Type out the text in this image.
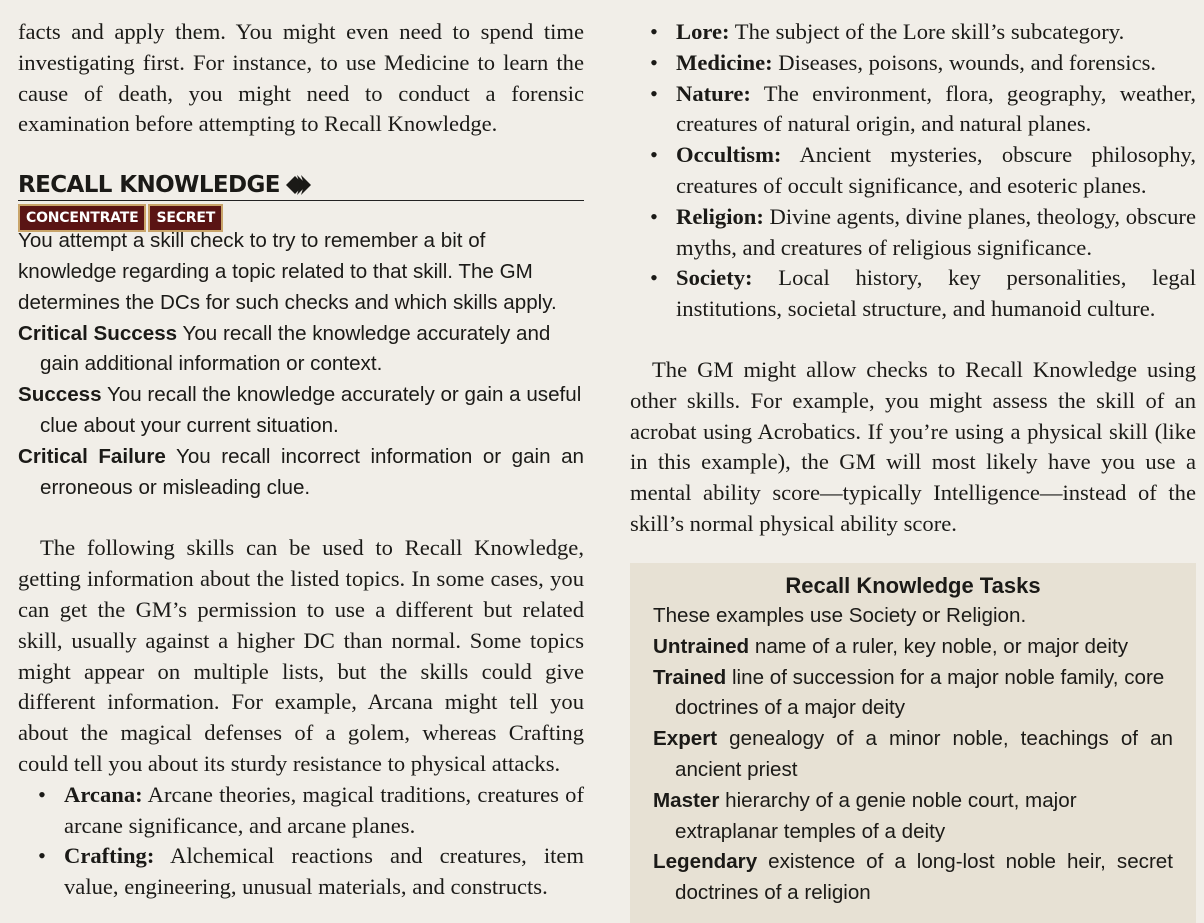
facts and apply them. You might even need to spend time investigating first. For instance, to use Medicine to learn the cause of death, you might need to conduct a forensic examination before attempting to Recall Knowledge.

RECALL KNOWLEDGE
CONCENTRATE	SECRET

You attempt a skill check to try to remember a bit of knowledge regarding a topic related to that skill. The GM determines the DCs for such checks and which skills apply.

Critical Success You recall the knowledge accurately and gain additional information or context.

Success You recall the knowledge accurately or gain a useful clue about your current situation.

Critical Failure You recall incorrect information or gain an erroneous or misleading clue.

The following skills can be used to Recall Knowledge, getting information about the listed topics. In some cases, you can get the GM’s permission to use a different but related skill, usually against a higher DC than normal. Some topics might appear on multiple lists, but the skills could give different information. For example, Arcana might tell you about the magical defenses of a golem, whereas Crafting could tell you about its sturdy resistance to physical attacks.

• Arcana: Arcane theories, magical traditions, creatures of arcane significance, and arcane planes.
• Crafting: Alchemical reactions and creatures, item value, engineering, unusual materials, and constructs.
• Lore: The subject of the Lore skill’s subcategory.
• Medicine: Diseases, poisons, wounds, and forensics.
• Nature: The environment, flora, geography, weather, creatures of natural origin, and natural planes.
• Occultism: Ancient mysteries, obscure philosophy, creatures of occult significance, and esoteric planes.
• Religion: Divine agents, divine planes, theology, obscure myths, and creatures of religious significance.
• Society: Local history, key personalities, legal institutions, societal structure, and humanoid culture.

The GM might allow checks to Recall Knowledge using other skills. For example, you might assess the skill of an acrobat using Acrobatics. If you’re using a physical skill (like in this example), the GM will most likely have you use a mental ability score—typically Intelligence—instead of the skill’s normal physical ability score.

Recall Knowledge Tasks

These examples use Society or Religion.

Untrained name of a ruler, key noble, or major deity

Trained line of succession for a major noble family, core doctrines of a major deity

Expert genealogy of a minor noble, teachings of an ancient priest

Master hierarchy of a genie noble court, major extraplanar temples of a deity

Legendary existence of a long-lost noble heir, secret doctrines of a religion
